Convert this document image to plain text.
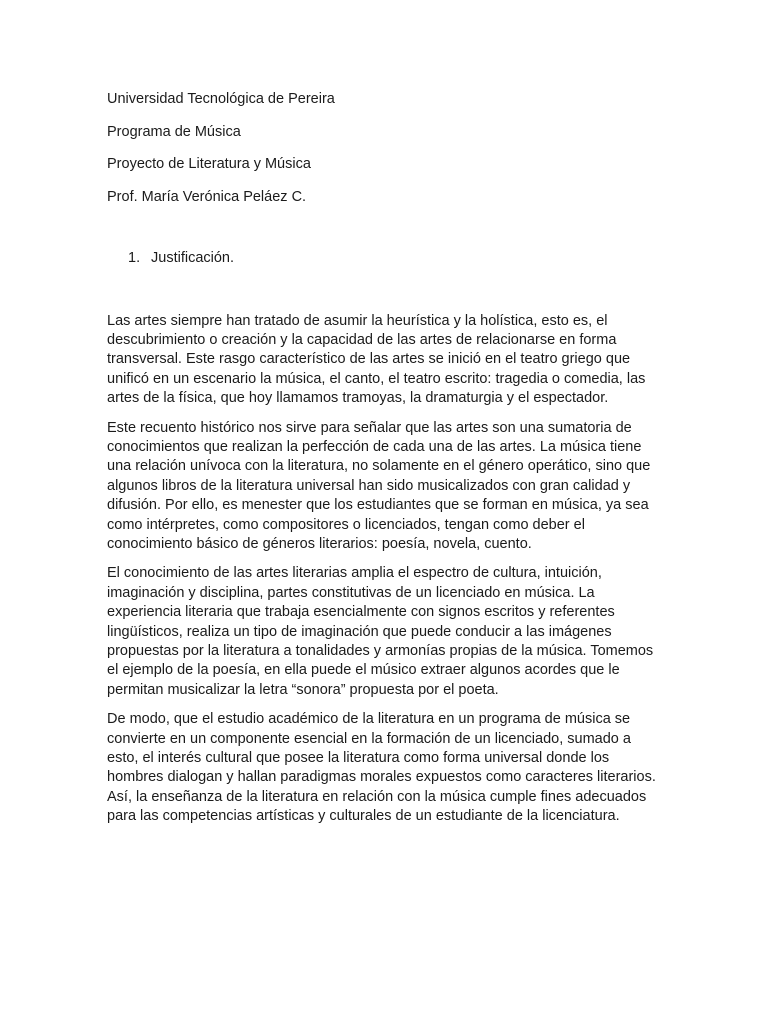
Universidad Tecnológica de Pereira
Programa de Música
Proyecto de Literatura y Música
Prof. María Verónica Peláez C.
1. Justificación.

Las artes siempre han tratado de asumir la heurística y la holística, esto es, el
descubrimiento o creación y la capacidad de las artes de relacionarse en forma
transversal. Este rasgo característico de las artes se inició en el teatro griego que
unificó en un escenario la música, el canto, el teatro escrito: tragedia o comedia, las
artes de la física, que hoy llamamos tramoyas, la dramaturgia y el espectador.

Este recuento histórico nos sirve para señalar que las artes son una sumatoria de
conocimientos que realizan la perfección de cada una de las artes. La música tiene
una relación unívoca con la literatura, no solamente en el género operático, sino que
algunos libros de la literatura universal han sido musicalizados con gran calidad y
difusión. Por ello, es menester que los estudiantes que se forman en música, ya sea
como intérpretes, como compositores o licenciados, tengan como deber el
conocimiento básico de géneros literarios: poesía, novela, cuento.

El conocimiento de las artes literarias amplia el espectro de cultura, intuición,
imaginación y disciplina, partes constitutivas de un licenciado en música. La
experiencia literaria que trabaja esencialmente con signos escritos y referentes
lingüísticos, realiza un tipo de imaginación que puede conducir a las imágenes
propuestas por la literatura a tonalidades y armonías propias de la música. Tomemos
el ejemplo de la poesía, en ella puede el músico extraer algunos acordes que le
permitan musicalizar la letra “sonora” propuesta por el poeta.

De modo, que el estudio académico de la literatura en un programa de música se
convierte en un componente esencial en la formación de un licenciado, sumado a
esto, el interés cultural que posee la literatura como forma universal donde los
hombres dialogan y hallan paradigmas morales expuestos como caracteres literarios.
Así, la enseñanza de la literatura en relación con la música cumple fines adecuados
para las competencias artísticas y culturales de un estudiante de la licenciatura.
